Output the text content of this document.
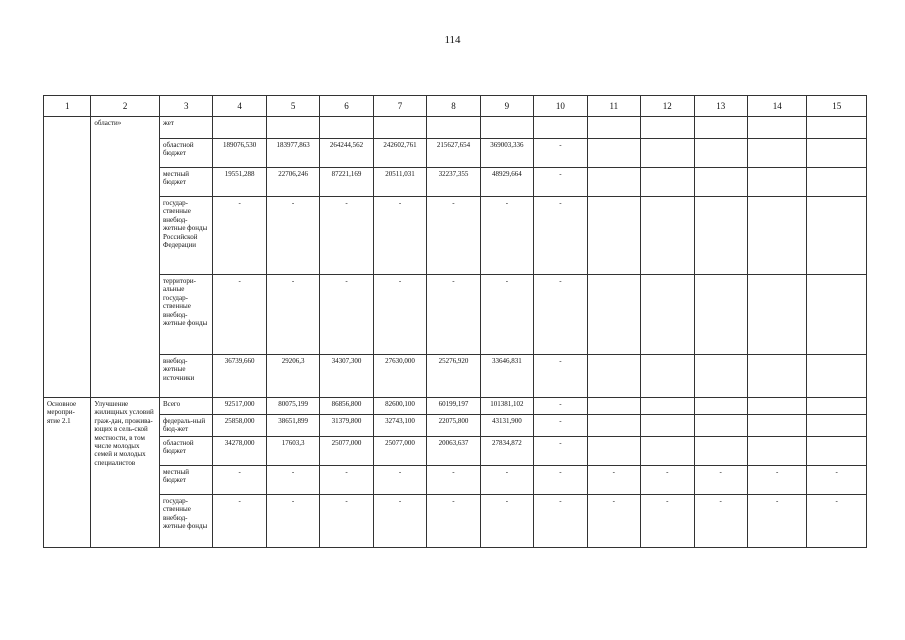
114
1	2	3	4	5	6	7	8	9	10	11	12	13	14	15
	области»	жет												
		областной бюджет	189076,530	183977,863	264244,562	242602,761	215627,654	369003,336	-					
		местный бюджет	19551,288	22706,246	87221,169	20511,031	32237,355	48929,664	-					
		государ-ственные внебюд-жетные фонды Российской Федерации	-	-	-	-	-	-	-					
		территори-альные государ-ственные внебюд-жетные фонды	-	-	-	-	-	-	-					
		внебюд-жетные источники	36739,660	29206,3	34307,300	27630,000	25276,920	33646,831	-					
Основное меропри-ятие 2.1	Улучшение жилищных условий граж-дан, прожива-ющих в сель-ской местности, в том числе молодых семей и молодых специалистов	Всего	92517,000	80075,199	86856,800	82600,100	60199,197	101381,102	-					
		федераль-ный бюд-жет	25858,000	38651,899	31379,800	32743,100	22075,800	43131,900	-					
		областной бюджет	34278,000	17603,3	25077,000	25077,000	20063,637	27834,872	-					
		местный бюджет	-	-	-	-	-	-	-	-	-	-	-	-
		государ-ственные внебюд-жетные фонды	-	-	-	-	-	-	-	-	-	-	-	-
